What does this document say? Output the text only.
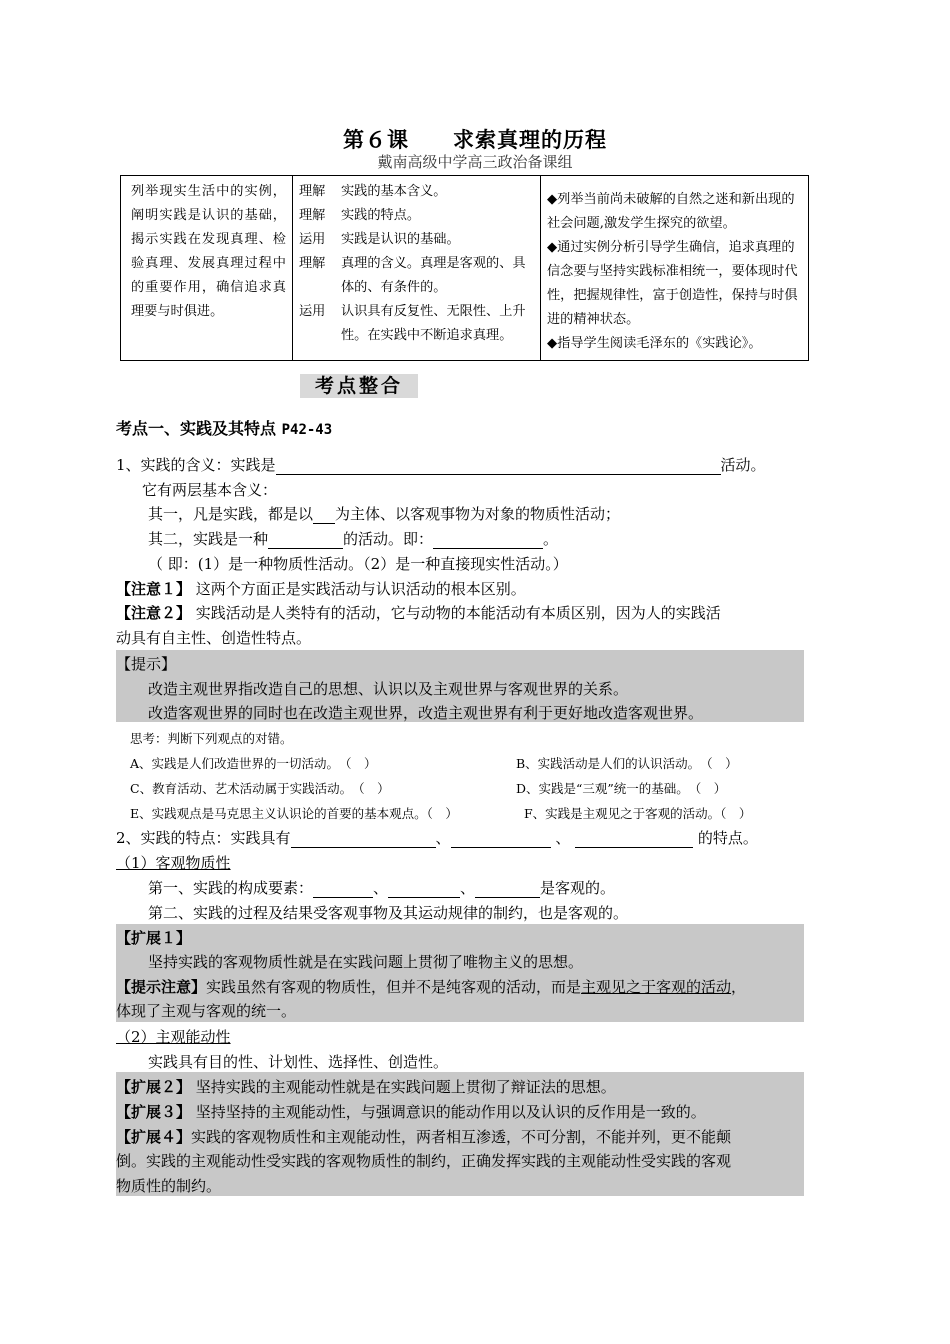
第６课　　求索真理的历程
戴南高级中学高三政治备课组
列举现实生活中的实例，阐明实践是认识的基础，揭示实践在发现真理、检验真理、发展真理过程中的重要作用，确信追求真理要与时俱进。	
理解	实践的基本含义。
理解	实践的特点。
运用	实践是认识的基础。
理解	真理的含义。真理是客观的、具体的、有条件的。
运用	认识具有反复性、无限性、上升性。在实践中不断追求真理。

◆列举当前尚未破解的自然之迷和新出现的社会问题,激发学生探究的欲望。
◆通过实例分析引导学生确信，追求真理的信念要与坚持实践标准相统一，要体现时代性，把握规律性，富于创造性，保持与时俱进的精神状态。
◆指导学生阅读毛泽东的《实践论》。
考点整合
考点一、实践及其特点 P42-43
1、实践的含义：实践是	活动。
它有两层基本含义：
其一，凡是实践，都是以 为主体、以客观事物为对象的物质性活动；
其二，实践是一种	的活动。即：	。
（ 即：(1）是一种物质性活动。（2）是一种直接现实性活动。）
【注意１】 这两个方面正是实践活动与认识活动的根本区别。
【注意２】 实践活动是人类特有的活动，它与动物的本能活动有本质区别，因为人的实践活
动具有自主性、创造性特点。
【提示】
改造主观世界指改造自己的思想、认识以及主观世界与客观世界的关系。
改造客观世界的同时也在改造主观世界，改造主观世界有利于更好地改造客观世界。
思考：判断下列观点的对错。
A、实践是人们改造世界的一切活动。　（　）	B、实践活动是人们的认识活动。　（　）
C、教育活动、艺术活动属于实践活动。　（　）	D、实践是“三观”统一的基础。　（　）
E、实践观点是马克思主义认识论的首要的基本观点。（　）	F、实践是主观见之于客观的活动。（　）
2、实践的特点：实践具有	、	、	的特点。
（1）客观物质性
第一、实践的构成要素：	、	、	是客观的。
第二、实践的过程及结果受客观事物及其运动规律的制约，也是客观的。
【扩展１】
坚持实践的客观物质性就是在实践问题上贯彻了唯物主义的思想。
【提示注意】实践虽然有客观的物质性，但并不是纯客观的活动，而是主观见之于客观的活动，
体现了主观与客观的统一。
（2）主观能动性
实践具有目的性、计划性、选择性、创造性。
【扩展２】 坚持实践的主观能动性就是在实践问题上贯彻了辩证法的思想。
【扩展３】 坚持坚持的主观能动性，与强调意识的能动作用以及认识的反作用是一致的。
【扩展４】实践的客观物质性和主观能动性，两者相互渗透，不可分割，不能并列，更不能颠
倒。实践的主观能动性受实践的客观物质性的制约，正确发挥实践的主观能动性受实践的客观
物质性的制约。
